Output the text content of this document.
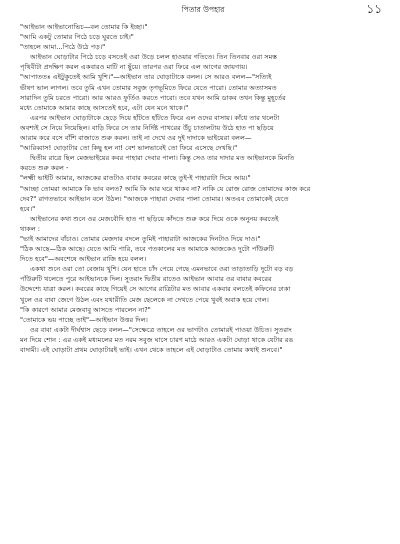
পিতার উপহার	১১
"আইভান আইভানোভিচ—বল তোমার কি ইচ্ছা।"
"আমি একটু তোমার পিঠে চড়ে ঘুরতে চাই।"
"তাহলে আমা...পিঠে উঠে পড়।"
আইভান ঘোড়াটার পিঠে চড়ে বসতেই ওরা উড়ে চলল হাওয়ার গতিতে। তিন তিনবার ওরা সমস্ত
পৃথিবীটা প্রদক্ষিণ করল একবারও মাটি না ছুঁয়ে। তারপর ওরা ফিরে এল আগের জায়গায়।
"আপাততঃ এইটুকুতেই আমি খুশি।"—আইভান তার ঘোড়াটাকে বলল। সে আরও বলল—"সত্যিই
ভীষণ ভাল লাগল। তবে তুমি এখন তোমার সবুজ তৃণভূমিতে ফিরে যেতে পারো। তোমার অত্যাসমত
সারাদিন তুমি চরতে পারো। আর আরও ফুর্তিও করতে পারো। তবে যখন আমি ডাকব তখন কিন্তু মুহূর্তের
মধ্যে তোমাকে আমার কাছে আসতেই হবে, এটা যেন মনে থাকে।"
এরপর আইভান ঘোড়াটাকে ছেড়ে দিয়ে হাঁটতে হাঁটতে ফিরে এল ওদের বাসায়। কাঁধে তার থলেটা
অবশ্যই সে নিয়ে নিয়েছিল। বাড়ি ফিরে সে তার নির্দিষ্ট পাথরের উঁচু চাতালটায় উঠে হাত পা ছড়িয়ে
আরাম করে বসে বাঁশি বাজাতে শুরু করল। তাই না দেখে ওর দুই দাদাকে ভাইয়েরা বলল—
"আরিব্বাস! ঘোড়াটার তো কিছু হল না! বেশ ভালভাবেই তো ফিরে এসেছে দেখছি।"
দ্বিতীয় রাত্রে ছিল মেজভাইয়ের কবর পাহারা দেবার পালা। কিন্তু সেও তার দাদার মত আইভানকে মিনতি
করতে শুরু করল -
"লক্ষ্মী ভাইটি আমার, আজকের রাতটাও বাবার কবরের কাছে তুই-ই পাহারাটা দিয়ে আয়।"
"আচ্ছা তোমরা আমাকে কি ভাব বলত? আমি কি আর ঘরে থাকব না? নাকি যে রোজ রোজ তোমাদের কাজ করে
দেব?" রাগতভাবে আইভান বলে উঠল। "আজকে পাহারা দেবার পালা তোমার। অতএব তোমাকেই যেতে
হবে।"
আইভানের কথা শুনে ওর মেজবৌদি হাত পা ছড়িয়ে কাঁদতে শুরু করে দিয়ে ওকে অনুনয় করতেই
থাকল :
"ভাই আমাদের বাঁচাও। তোমার মেজদার বদলে তুমিই পাহারাটা আজকের দিনটাও দিয়ে দাও।"
"ঠিক আছে—ঠিক আছে। যেতে আমি পারি, তবে গতকালের মত আমাকে আজকেও দুটো পাঁউরুটি
দিতে হবে"—অবশেষে আইভান রাজি হয়ে বলল।
একথা শুনে ওরা তো বেজায় খুশি। যেন হাতে চাঁদ পেয়ে গেছে এমনভাবে ওরা তাড়াতাড়ি দুটো বড় বড়
পাঁউরুটি থলেতে পুরে আইভানকে দিল। সুতরাং দ্বিতীয় রাতেও আইভান আবার ওর বাবার কবরের
উদ্দেশ্যে যাত্রা করল। কবরের কাছে গিয়েই সে আগের রাত্রিটার মত আবার একবার বলতেই কফিনের ঢাকা
খুলে ওর বাবা জেগে উঠল এবং যথারীতি মেজ ছেলেকে না দেখতে পেয়ে খুবই অবাক হয়ে গেল।
"কি কারণে আমার মেজবাবু আসতে পারলেন না?"
"তোমাকে ভয় পাচ্ছে তাই"—আইভান উত্তর দিল।
ওর বাবা একটা দীর্ঘশ্বাস ছেড়ে বলল—"সেক্ষেত্রে তাহলে ওর ভাগটাও তোমারই পাওয়া উচিত। সুতরাং
মন দিয়ে শোন : এর একই মধ্যমলের মত নরম সবুজ ঘাসে চারণ মাঠে আরও একটা ঘোড়া থাকে যেটার রঙ
বাদামী। এই ঘোড়াটা প্রথম ঘোড়াটারই ভাই। এখন থেকে তাহলে এই ঘোড়াটাও তোমার কথাই শুনবে।"
